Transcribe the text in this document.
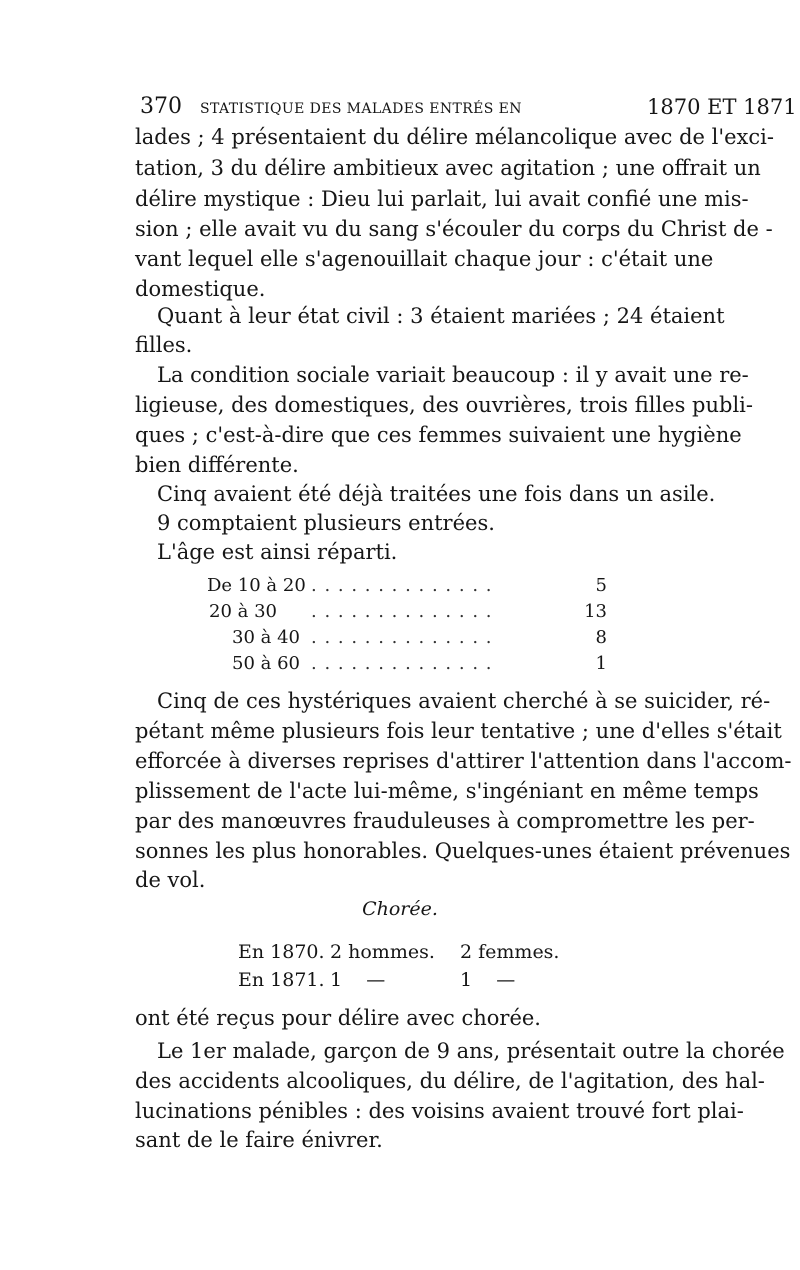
370 STATISTIQUE DES MALADES ENTRÉS EN	1870 ET 1871
lades ; 4 présentaient du délire mélancolique avec de l'exci-
tation, 3 du délire ambitieux avec agitation ; une offrait un
délire mystique : Dieu lui parlait, lui avait confié une mis-
sion ; elle avait vu du sang s'écouler du corps du Christ de -
vant lequel elle s'agenouillait chaque jour : c'était une
domestique.
Quant à leur état civil : 3 étaient mariées ; 24 étaient
filles.
La condition sociale variait beaucoup : il y avait une re-
ligieuse, des domestiques, des ouvrières, trois filles publi-
ques ; c'est-à-dire que ces femmes suivaient une hygiène
bien différente.
Cinq avaient été déjà traitées une fois dans un asile.
9 comptaient plusieurs entrées.
L'âge est ainsi réparti.
De 10 à 20 . . . . . . . . . . . . . .	5
20 à 30 . . . . . . . . . . . . . .	13
30 à 40 . . . . . . . . . . . . . .	8
50 à 60 . . . . . . . . . . . . . .	1
Cinq de ces hystériques avaient cherché à se suicider, ré-
pétant même plusieurs fois leur tentative ; une d'elles s'était
efforcée à diverses reprises d'attirer l'attention dans l'accom-
plissement de l'acte lui-même, s'ingéniant en même temps
par des manœuvres frauduleuses à compromettre les per-
sonnes les plus honorables. Quelques-unes étaient prévenues
de vol.
Chorée.
En 1870. 2 hommes. 2 femmes.
En 1871. 1    —	1    —
ont été reçus pour délire avec chorée.
Le 1er malade, garçon de 9 ans, présentait outre la chorée
des accidents alcooliques, du délire, de l'agitation, des hal-
lucinations pénibles : des voisins avaient trouvé fort plai-
sant de le faire énivrer.
